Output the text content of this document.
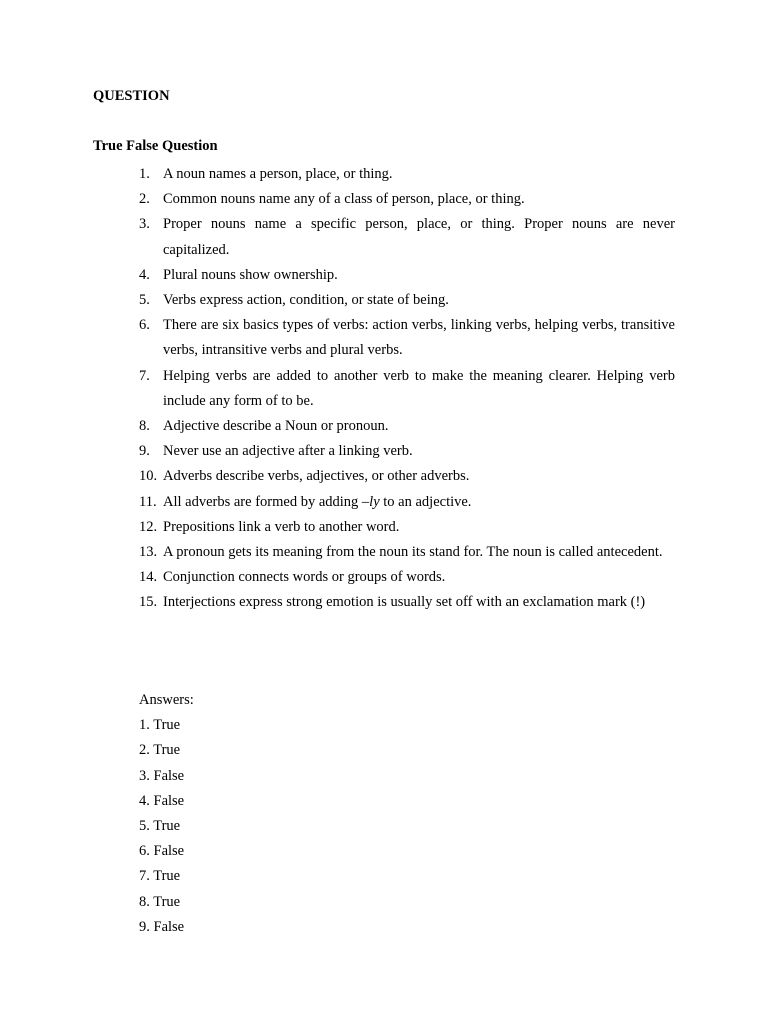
QUESTION
True False Question
1. A noun names a person, place, or thing.
2. Common nouns name any of a class of person, place, or thing.
3. Proper nouns name a specific person, place, or thing. Proper nouns are never capitalized.
4. Plural nouns show ownership.
5. Verbs express action, condition, or state of being.
6. There are six basics types of verbs: action verbs, linking verbs, helping verbs, transitive verbs, intransitive verbs and plural verbs.
7. Helping verbs are added to another verb to make the meaning clearer. Helping verb include any form of to be.
8. Adjective describe a Noun or pronoun.
9. Never use an adjective after a linking verb.
10. Adverbs describe verbs, adjectives, or other adverbs.
11. All adverbs are formed by adding –ly to an adjective.
12. Prepositions link a verb to another word.
13. A pronoun gets its meaning from the noun its stand for. The noun is called antecedent.
14. Conjunction connects words or groups of words.
15. Interjections express strong emotion is usually set off with an exclamation mark (!)
Answers:
1. True
2. True
3. False
4. False
5. True
6. False
7. True
8. True
9. False
